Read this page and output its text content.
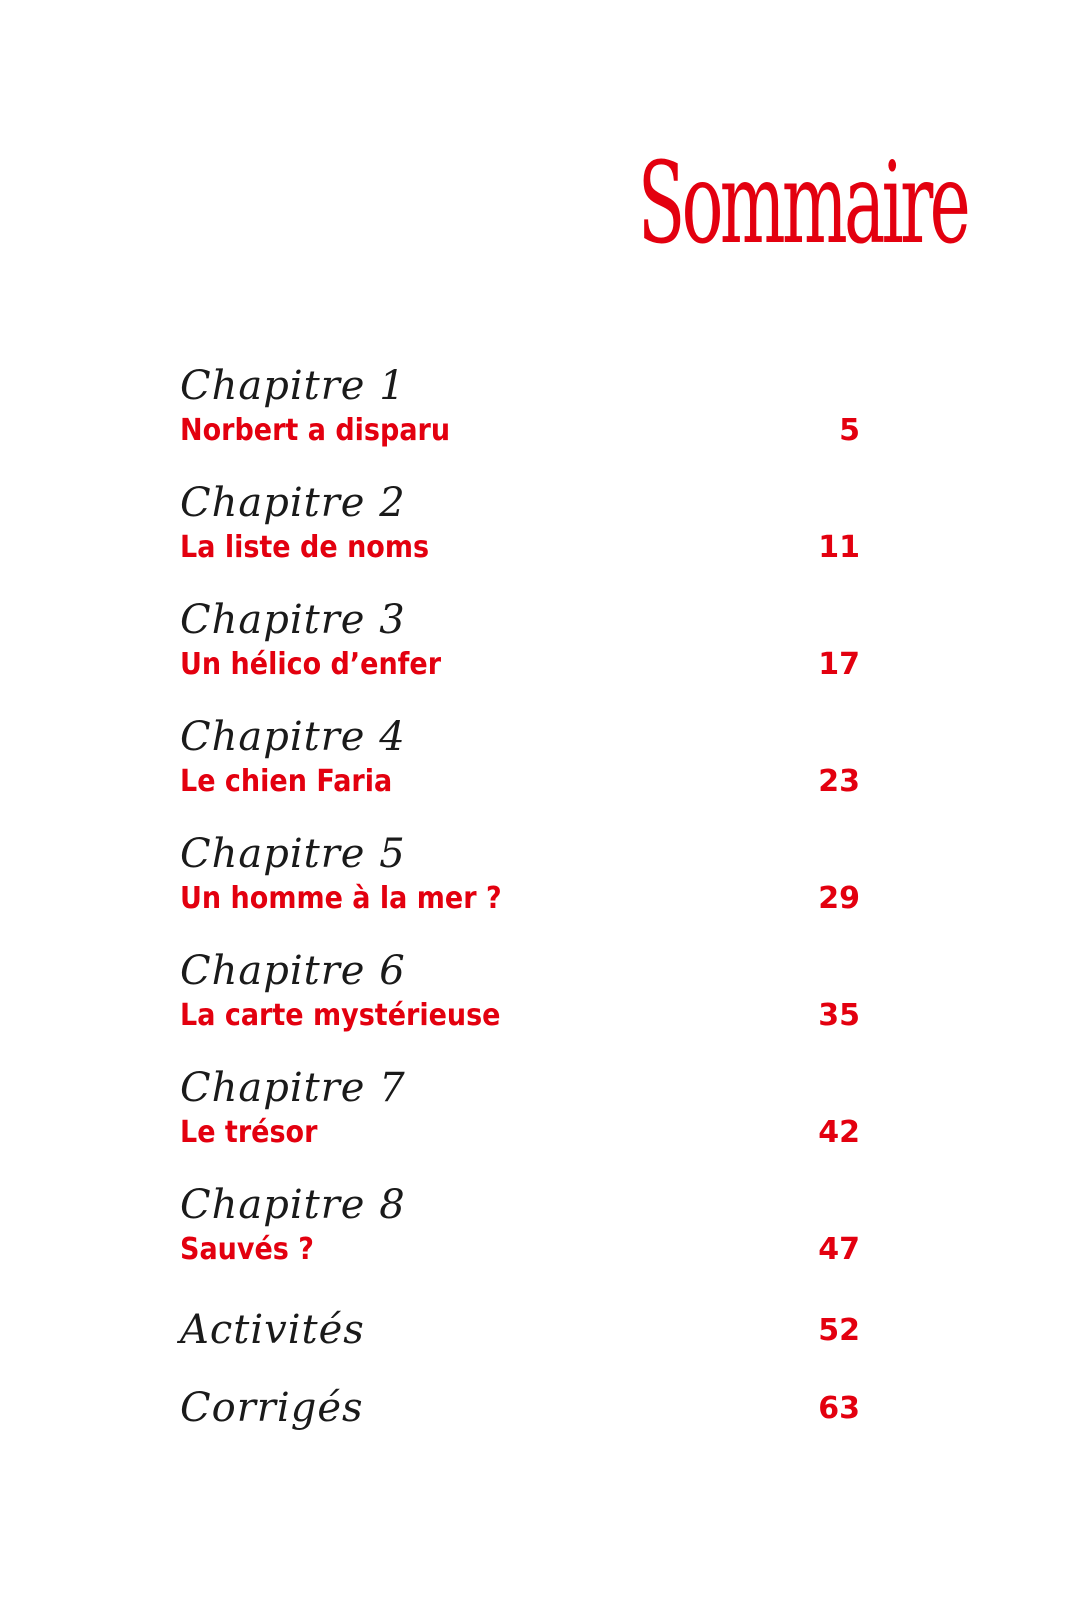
Sommaire
Chapitre 1
Norbert a disparu	5
Chapitre 2
La liste de noms	11
Chapitre 3
Un hélico d’enfer	17
Chapitre 4
Le chien Faria	23
Chapitre 5
Un homme à la mer ?	29
Chapitre 6
La carte mystérieuse	35
Chapitre 7
Le trésor	42
Chapitre 8
Sauvés ?	47
Activités	52
Corrigés	63
